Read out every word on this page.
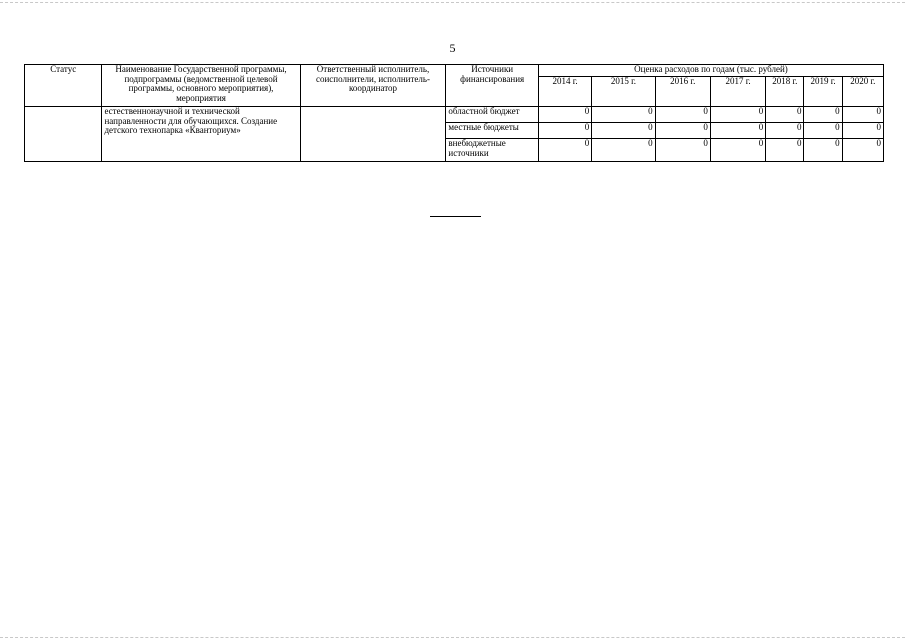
5
Статус	Наименование Государственной программы, подпрограммы (ведомственной целевой программы, основного мероприятия), мероприятия	Ответственный исполнитель, соисполнители, исполнитель-координатор	Источники финансирования	Оценка расходов по годам (тыс. рублей)						
				2014 г.	2015 г.	2016 г.	2017 г.	2018 г.	2019 г.	2020 г.
	естественнонаучной и технической направленности для обучающихся. Создание детского технопарка «Кванториум»		областной бюджет	0	0	0	0	0	0	0
			местные бюджеты	0	0	0	0	0	0	0
			внебюджетные источники	0	0	0	0	0	0	0
